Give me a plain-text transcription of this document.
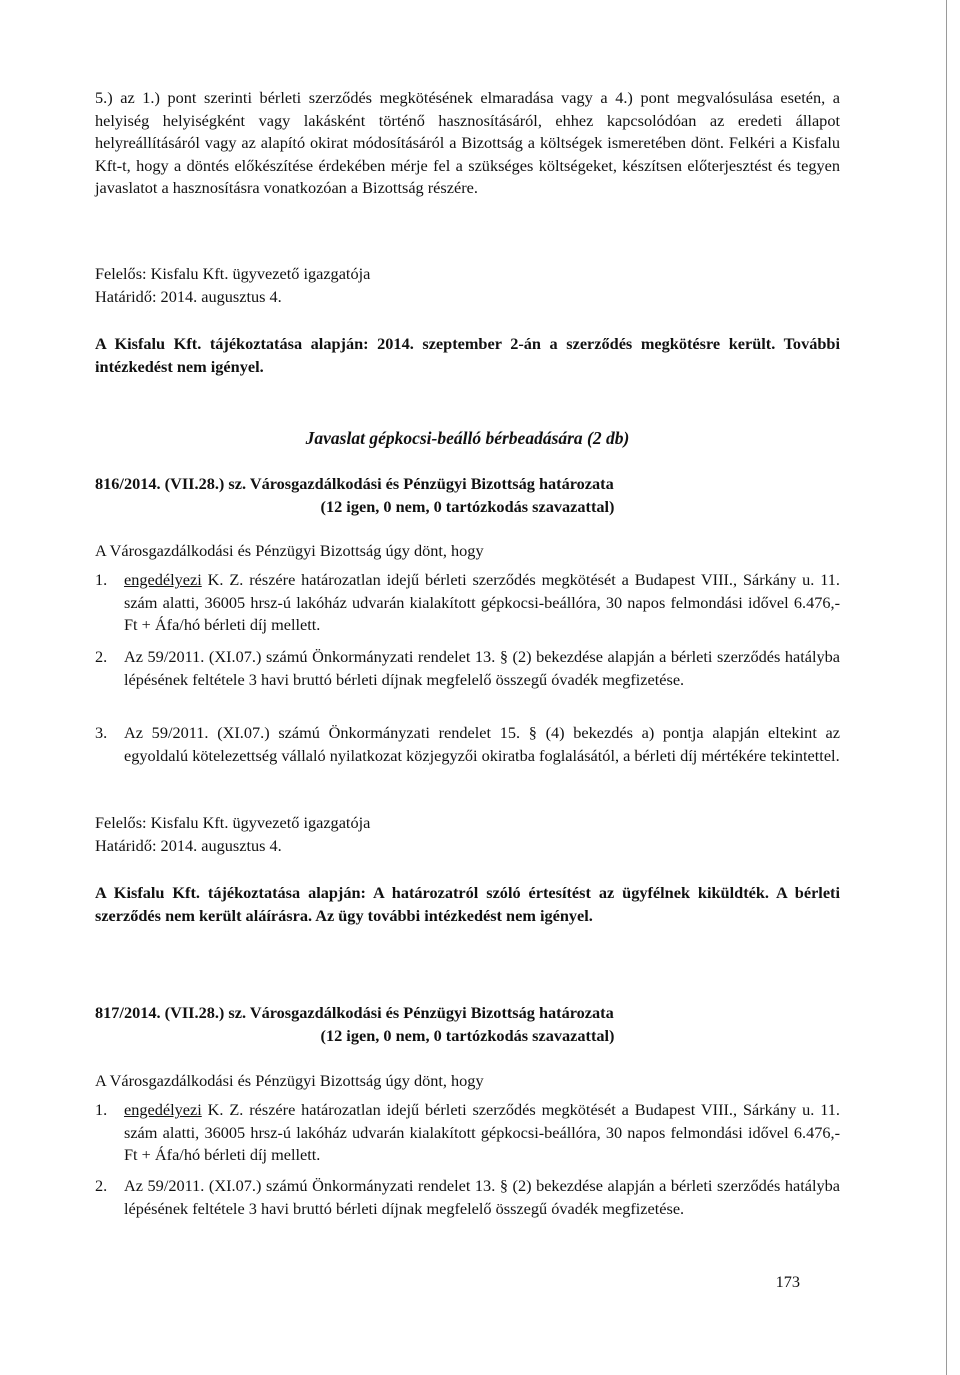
5.) az 1.) pont szerinti bérleti szerződés megkötésének elmaradása vagy a 4.) pont megvalósulása esetén, a helyiség helyiségként vagy lakásként történő hasznosításáról, ehhez kapcsolódóan az eredeti állapot helyreállításáról vagy az alapító okirat módosításáról a Bizottság a költségek ismeretében dönt. Felkéri a Kisfalu Kft-t, hogy a döntés előkészítése érdekében mérje fel a szükséges költségeket, készítsen előterjesztést és tegyen javaslatot a hasznosításra vonatkozóan a Bizottság részére.
Felelős: Kisfalu Kft. ügyvezető igazgatója
Határidő: 2014. augusztus 4.
A Kisfalu Kft. tájékoztatása alapján: 2014. szeptember 2-án a szerződés megkötésre került. További intézkedést nem igényel.
Javaslat gépkocsi-beálló bérbeadására (2 db)
816/2014. (VII.28.) sz. Városgazdálkodási és Pénzügyi Bizottság határozata
(12 igen, 0 nem, 0 tartózkodás szavazattal)
A Városgazdálkodási és Pénzügyi Bizottság úgy dönt, hogy
1. engedélyezi K. Z. részére határozatlan idejű bérleti szerződés megkötését a Budapest VIII., Sárkány u. 11. szám alatti, 36005 hrsz-ú lakóház udvarán kialakított gépkocsi-beállóra, 30 napos felmondási idővel 6.476,- Ft + Áfa/hó bérleti díj mellett.
2. Az 59/2011. (XI.07.) számú Önkormányzati rendelet 13. § (2) bekezdése alapján a bérleti szerződés hatályba lépésének feltétele 3 havi bruttó bérleti díjnak megfelelő összegű óvadék megfizetése.
3. Az 59/2011. (XI.07.) számú Önkormányzati rendelet 15. § (4) bekezdés a) pontja alapján eltekint az egyoldalú kötelezettség vállaló nyilatkozat közjegyzői okiratba foglalásától, a bérleti díj mértékére tekintettel.
Felelős: Kisfalu Kft. ügyvezető igazgatója
Határidő: 2014. augusztus 4.
A Kisfalu Kft. tájékoztatása alapján: A határozatról szóló értesítést az ügyfélnek kiküldték. A bérleti szerződés nem került aláírásra. Az ügy további intézkedést nem igényel.
817/2014. (VII.28.) sz. Városgazdálkodási és Pénzügyi Bizottság határozata
(12 igen, 0 nem, 0 tartózkodás szavazattal)
A Városgazdálkodási és Pénzügyi Bizottság úgy dönt, hogy
1. engedélyezi K. Z. részére határozatlan idejű bérleti szerződés megkötését a Budapest VIII., Sárkány u. 11. szám alatti, 36005 hrsz-ú lakóház udvarán kialakított gépkocsi-beállóra, 30 napos felmondási idővel 6.476,- Ft + Áfa/hó bérleti díj mellett.
2. Az 59/2011. (XI.07.) számú Önkormányzati rendelet 13. § (2) bekezdése alapján a bérleti szerződés hatályba lépésének feltétele 3 havi bruttó bérleti díjnak megfelelő összegű óvadék megfizetése.
173
